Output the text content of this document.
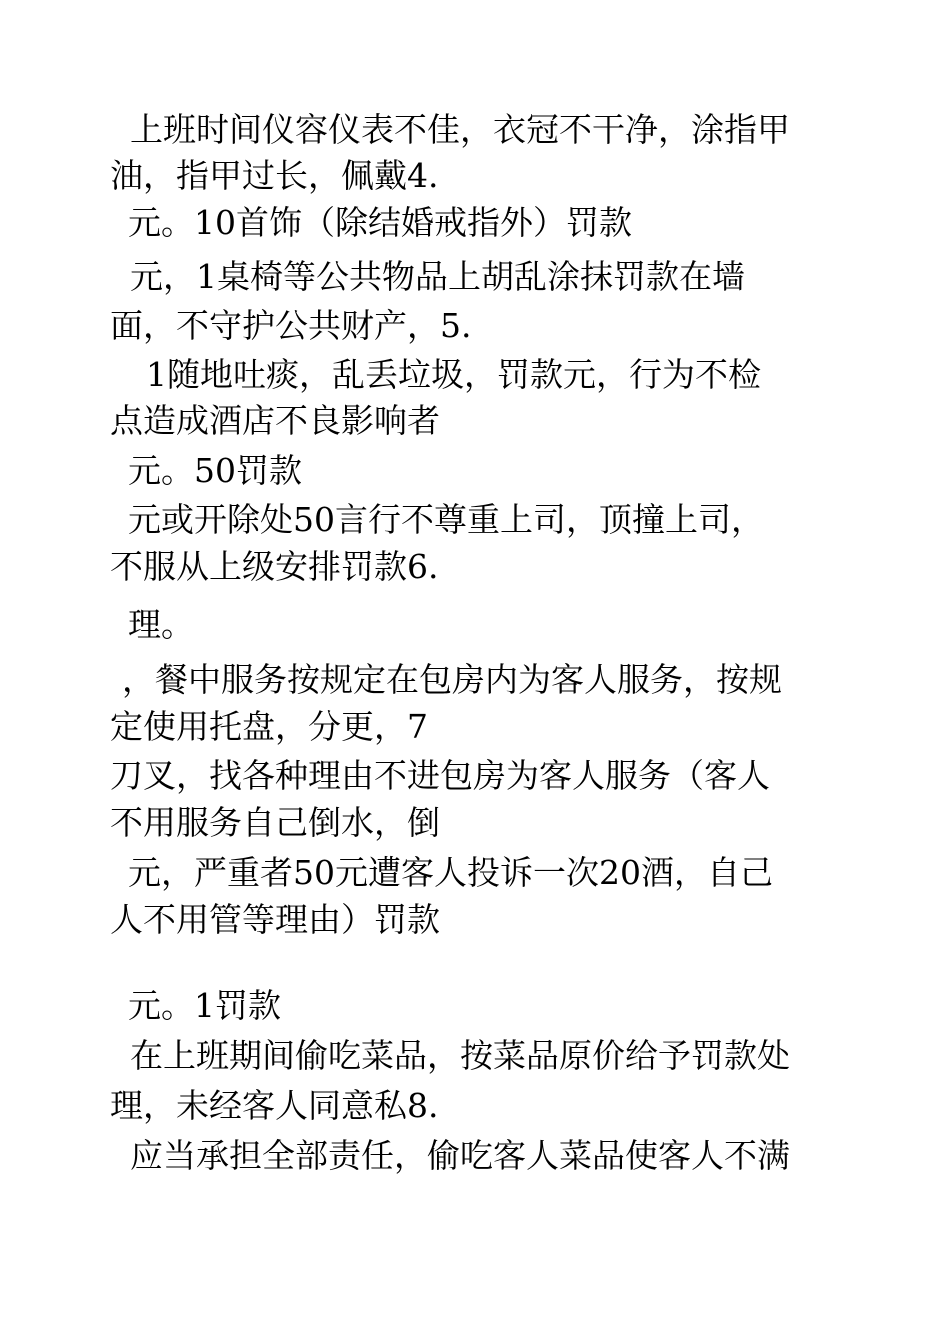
上班时间仪容仪表不佳，衣冠不干净，涂指甲
油，指甲过长，佩戴4.
元。10首饰（除结婚戒指外）罚款
元，1桌椅等公共物品上胡乱涂抹罚款在墙
面，不守护公共财产，5.
1随地吐痰，乱丢垃圾，罚款元，行为不检
点造成酒店不良影响者
元。50罚款
元或开除处50言行不尊重上司，顶撞上司，
不服从上级安排罚款6.
理。
，餐中服务按规定在包房内为客人服务，按规
定使用托盘，分更，7
刀叉，找各种理由不进包房为客人服务（客人
不用服务自己倒水，倒
元，严重者50元遭客人投诉一次20酒，自己
人不用管等理由）罚款
元。1罚款
在上班期间偷吃菜品，按菜品原价给予罚款处
理，未经客人同意私8.
应当承担全部责任，偷吃客人菜品使客人不满
